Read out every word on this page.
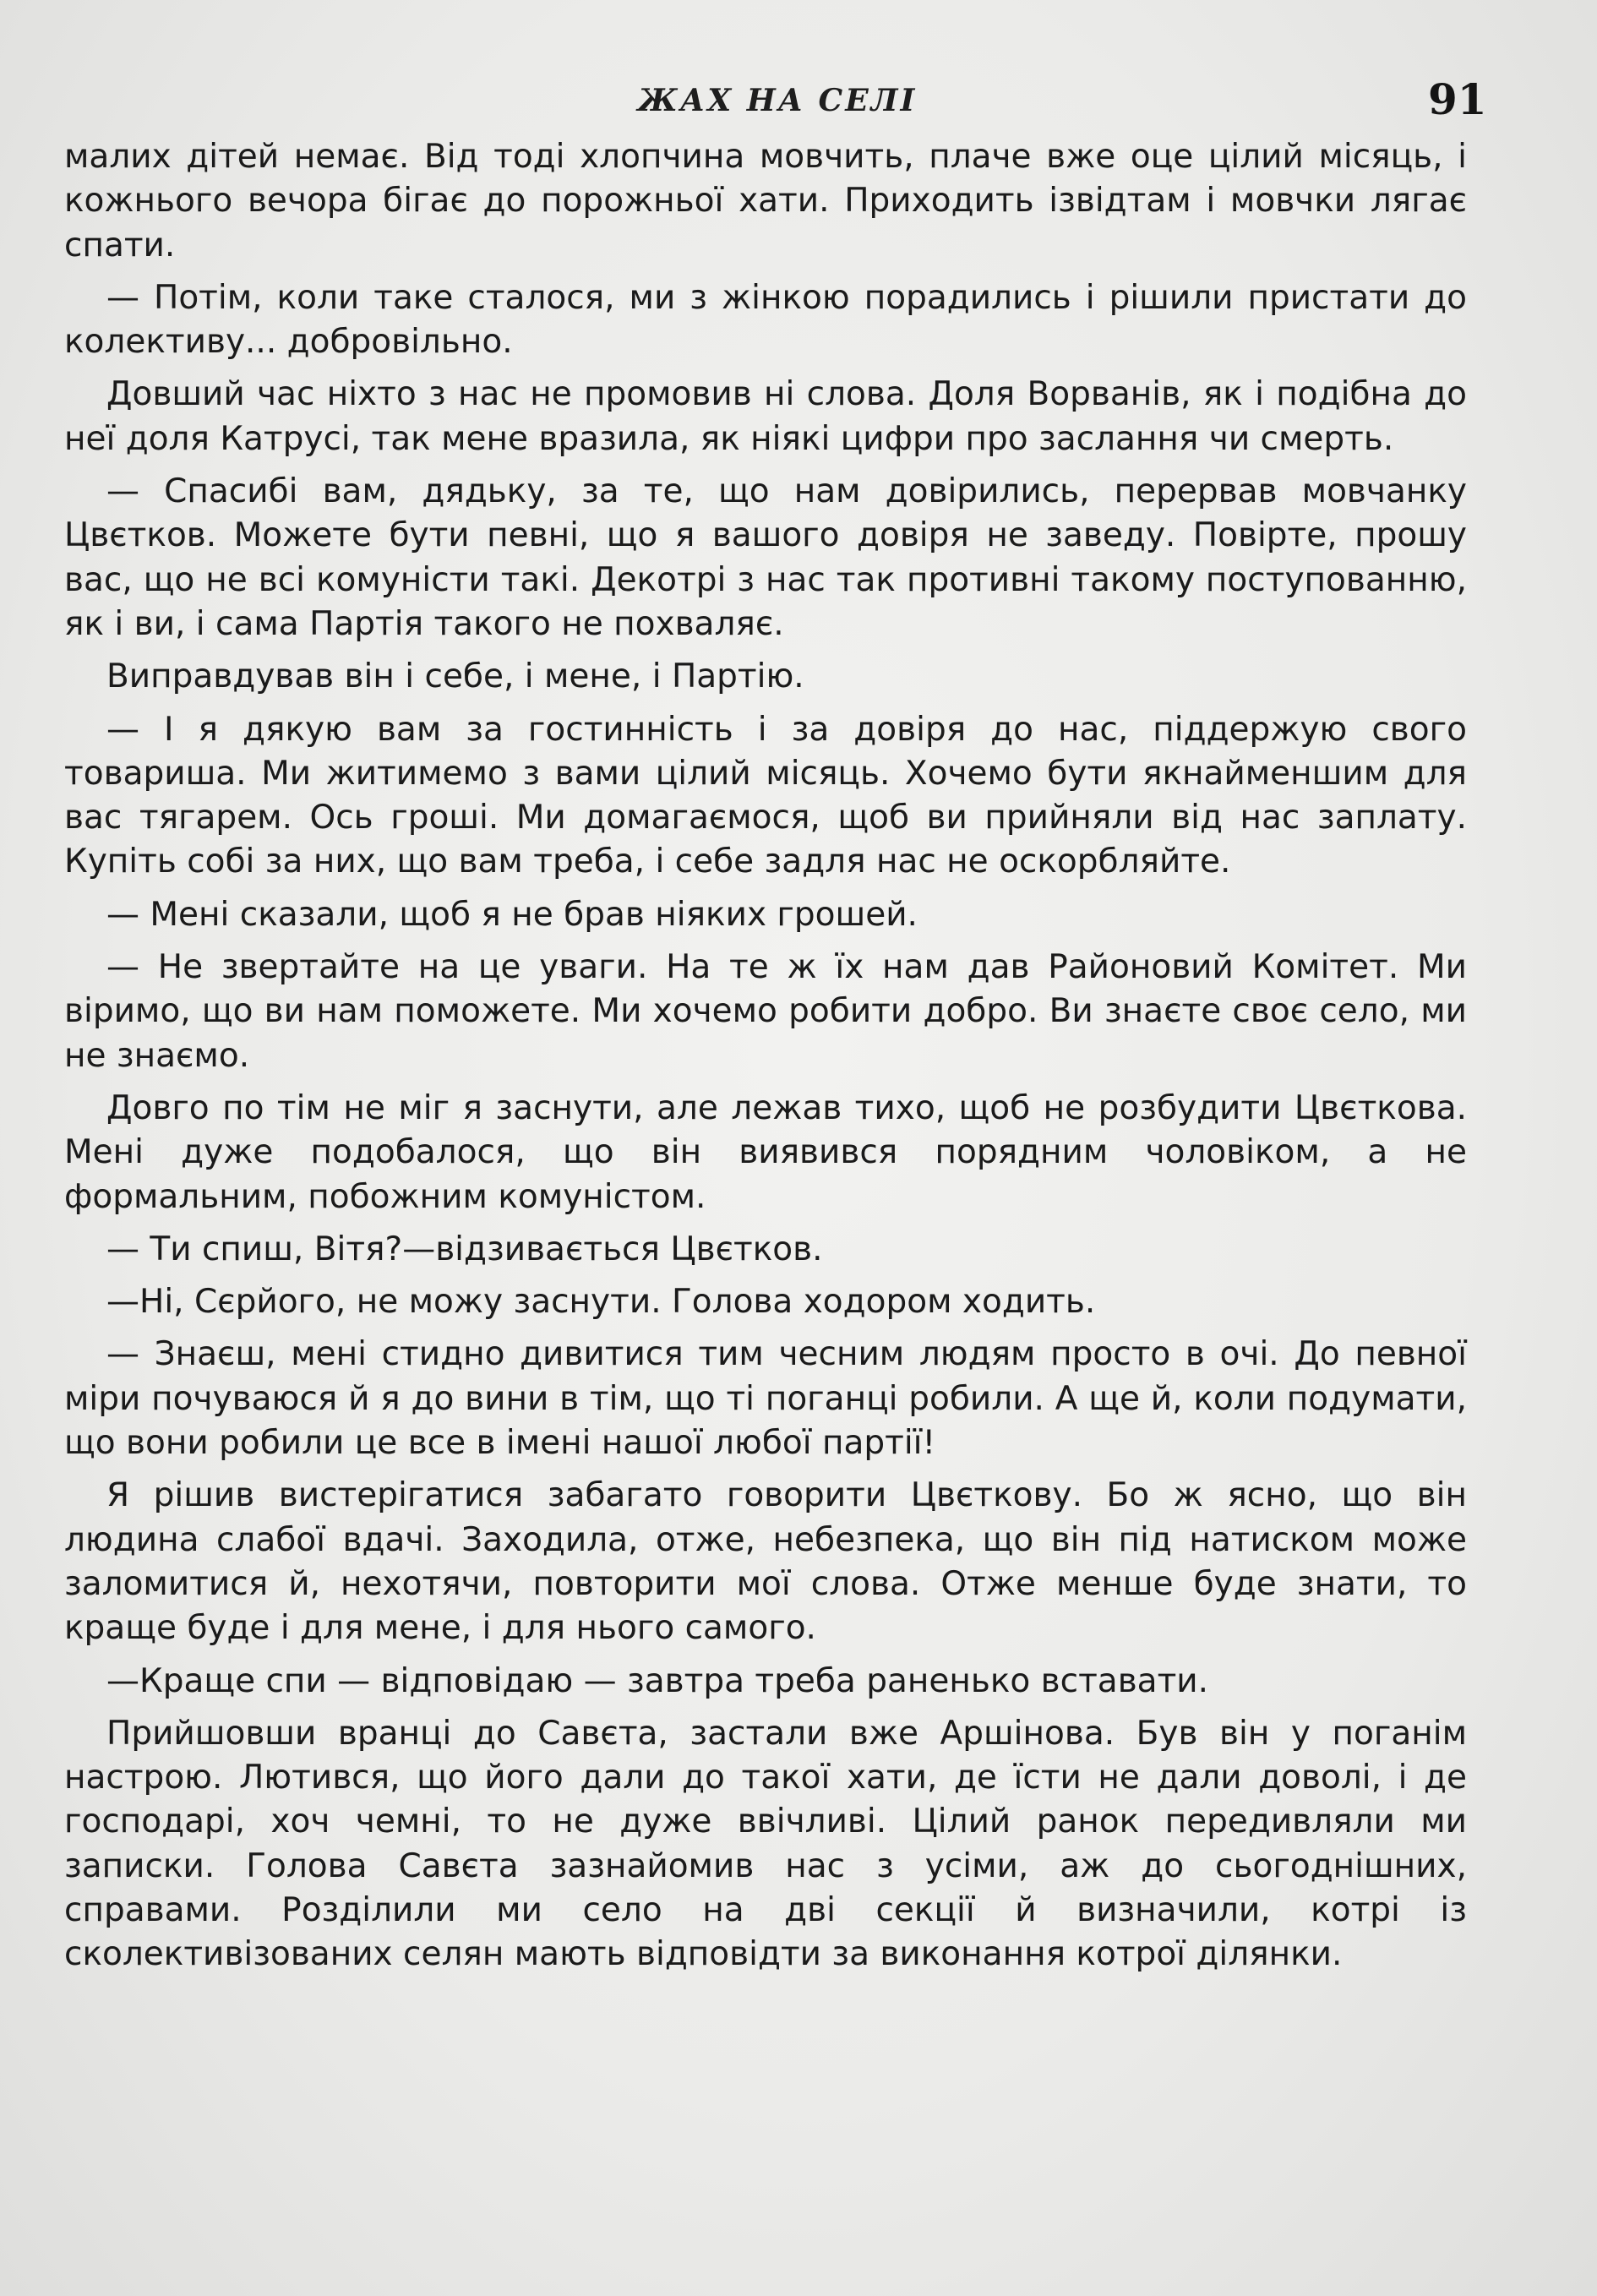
ЖАХ НА СЕЛІ	91

малих дітей немає. Від тоді хлопчина мовчить, плаче вже оце цілий місяць, і кожнього вечора бігає до порожньої хати. Приходить ізвідтам і мовчки лягає спати.

— Потім, коли таке сталося, ми з жінкою порадились і рішили пристати до колективу... добровільно.

Довший час ніхто з нас не промовив ні слова. Доля Ворванів, як і подібна до неї доля Катрусі, так мене вразила, як ніякі цифри про заслання чи смерть.

— Спасибі вам, дядьку, за те, що нам довірились, перервав мовчанку Цвєтков. Можете бути певні, що я вашого довіря не заведу. Повірте, прошу вас, що не всі комуністи такі. Декотрі з нас так противні такому поступованню, як і ви, і сама Партія такого не похваляє.

Виправдував він і себе, і мене, і Партію.

— І я дякую вам за гостинність і за довіря до нас, піддержую свого товариша. Ми житимемо з вами цілий місяць. Хочемо бути якнайменшим для вас тягарем. Ось гроші. Ми домагаємося, щоб ви прийняли від нас заплату. Купіть собі за них, що вам треба, і себе задля нас не оскорбляйте.

— Мені сказали, щоб я не брав ніяких грошей.

— Не звертайте на це уваги. На те ж їх нам дав Районовий Комітет. Ми віримо, що ви нам поможете. Ми хочемо робити добро. Ви знаєте своє село, ми не знаємо.

Довго по тім не міг я заснути, але лежав тихо, щоб не розбудити Цвєткова. Мені дуже подобалося, що він виявився порядним чоловіком, а не формальним, побожним комуністом.

— Ти спиш, Вітя?—відзивається Цвєтков.

—Ні, Сєрйого, не можу заснути. Голова ходором ходить.

— Знаєш, мені стидно дивитися тим чесним людям просто в очі. До певної міри почуваюся й я до вини в тім, що ті поганці робили. А ще й, коли подумати, що вони робили це все в імені нашої любої партії!

Я рішив вистерігатися забагато говорити Цвєткову. Бо ж ясно, що він людина слабої вдачі. Заходила, отже, небезпека, що він під натиском може заломитися й, нехотячи, повторити мої слова. Отже менше буде знати, то краще буде і для мене, і для нього самого.

—Краще спи — відповідаю — завтра треба раненько вставати.

Прийшовши вранці до Савєта, застали вже Аршінова. Був він у поганім настрою. Лютився, що його дали до такої хати, де їсти не дали доволі, і де господарі, хоч чемні, то не дуже ввічливі. Цілий ранок передивляли ми записки. Голова Савєта зазнайомив нас з усіми, аж до сьогоднішних, справами. Розділили ми село на дві секції й визначили, котрі із сколективізованих селян мають відповідти за виконання котрої ділянки.
